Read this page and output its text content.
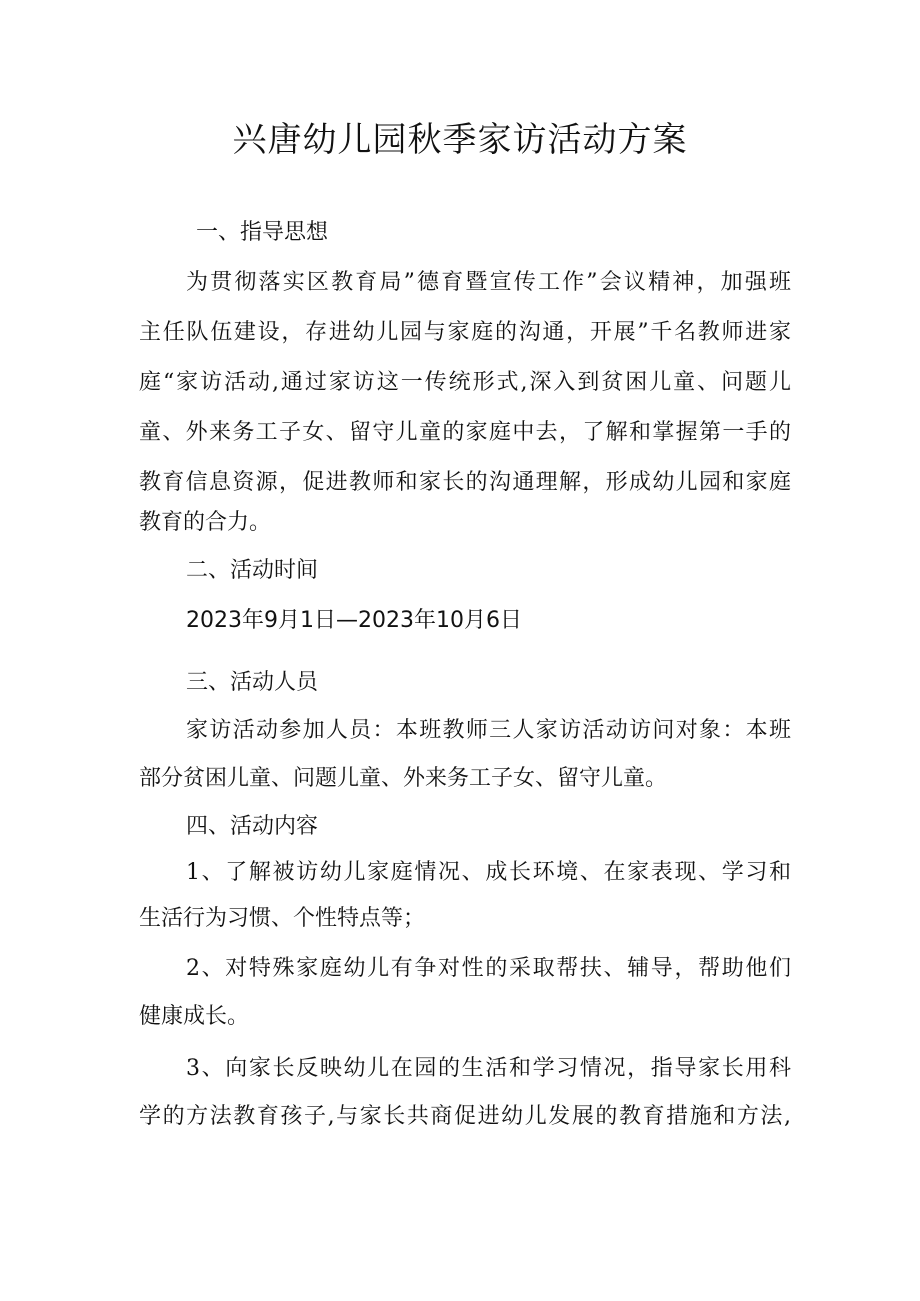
兴唐幼儿园秋季家访活动方案

一、指导思想

为贯彻落实区教育局”德育暨宣传工作”会议精神，加强班

主任队伍建设，存进幼儿园与家庭的沟通，开展”千名教师进家

庭“家访活动,通过家访这一传统形式,深入到贫困儿童、问题儿

童、外来务工子女、留守儿童的家庭中去，了解和掌握第一手的

教育信息资源，促进教师和家长的沟通理解，形成幼儿园和家庭

教育的合力。

二、活动时间

2023年9月1日—2023年10月6日

三、活动人员

家访活动参加人员：本班教师三人家访活动访问对象：本班

部分贫困儿童、问题儿童、外来务工子女、留守儿童。

四、活动内容

1、了解被访幼儿家庭情况、成长环境、在家表现、学习和

生活行为习惯、个性特点等；

2、对特殊家庭幼儿有争对性的采取帮扶、辅导，帮助他们

健康成长。

3、向家长反映幼儿在园的生活和学习情况，指导家长用科

学的方法教育孩子,与家长共商促进幼儿发展的教育措施和方法,
